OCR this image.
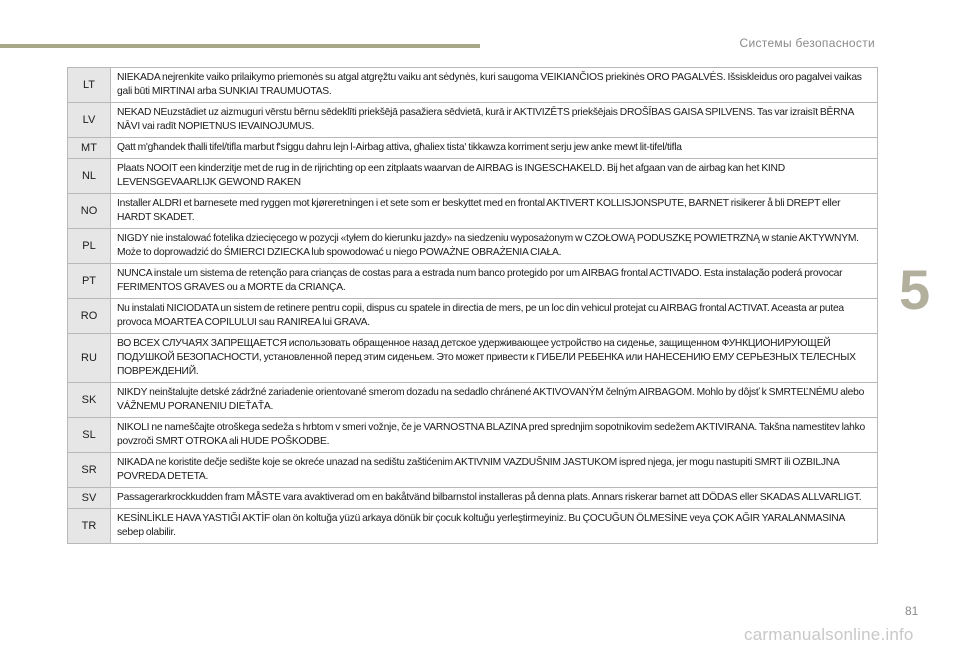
Системы безопасности
LT	NIEKADA nejrenkite vaiko prilaikymo priemonės su atgal atgręžtu vaiku ant sėdynės, kuri saugoma VEIKIANČIOS priekinės ORO PAGALVĖS. Išsiskleidus oro pagalvei vaikas gali būti MIRTINAI arba SUNKIAI TRAUMUOTAS.
LV	NEKAD NEuzstādiet uz aizmuguri vērstu bērnu sēdeklīti priekšējā pasažiera sēdvietā, kurā ir AKTIVIZĒTS priekšējais DROŠĪBAS GAISA SPILVENS. Tas var izraisīt BĒRNA NĀVI vai radīt NOPIETNUS IEVAINOJUMUS.
MT	Qatt m'għandek tħalli tifel/tifla marbut f'siggu dahru lejn l-Airbag attiva, għaliex tista' tikkawza korriment serju jew anke mewt lit-tifel/tifla
NL	Plaats NOOIT een kinderzitje met de rug in de rijrichting op een zitplaats waarvan de AIRBAG is INGESCHAKELD. Bij het afgaan van de airbag kan het KIND LEVENSGEVAARLIJK GEWOND RAKEN
NO	Installer ALDRI et barnesete med ryggen mot kjøreretningen i et sete som er beskyttet med en frontal AKTIVERT KOLLISJONSPUTE, BARNET risikerer å bli DREPT eller HARDT SKADET.
PL	NIGDY nie instalować fotelika dziecięcego w pozycji «tyłem do kierunku jazdy» na siedzeniu wyposażonym w CZOŁOWĄ PODUSZKĘ POWIETRZNĄ w stanie AKTYWNYM. Może to doprowadzić do ŚMIERCI DZIECKA lub spowodować u niego POWAŻNE OBRAŻENIA CIAŁA.
PT	NUNCA instale um sistema de retenção para crianças de costas para a estrada num banco protegido por um AIRBAG frontal ACTIVADO. Esta instalação poderá provocar FERIMENTOS GRAVES ou a MORTE da CRIANÇA.
RO	Nu instalati NICIODATA un sistem de retinere pentru copii, dispus cu spatele in directia de mers, pe un loc din vehicul protejat cu AIRBAG frontal ACTIVAT. Aceasta ar putea provoca MOARTEA COPILULUI sau RANIREA lui GRAVA.
RU	ВО ВСЕХ СЛУЧАЯХ ЗАПРЕЩАЕТСЯ использовать обращенное назад детское удерживающее устройство на сиденье, защищенном ФУНКЦИОНИРУЮЩЕЙ ПОДУШКОЙ БЕЗОПАСНОСТИ, установленной перед этим сиденьем. Это может привести к ГИБЕЛИ РЕБЕНКА или НАНЕСЕНИЮ ЕМУ СЕРЬЕЗНЫХ ТЕЛЕСНЫХ ПОВРЕЖДЕНИЙ.
SK	NIKDY neinštalujte detské zádržné zariadenie orientované smerom dozadu na sedadlo chránené AKTIVOVANÝM čelným AIRBAGOM. Mohlo by dôjsť k SMRTEĽNÉMU alebo VÁŽNEMU PORANENIU DIEŤAŤA.
SL	NIKOLI ne nameščajte otroškega sedeža s hrbtom v smeri vožnje, če je VARNOSTNA BLAZINA pred sprednjim sopotnikovim sedežem AKTIVIRANA. Takšna namestitev lahko povzroči SMRT OTROKA ali HUDE POŠKODBE.
SR	NIKADA ne koristite dečje sedište koje se okreće unazad na sedištu zaštićenim AKTIVNIM VAZDUŠNIM JASTUKOM ispred njega, jer mogu nastupiti SMRT ili OZBILJNA POVREDA DETETA.
SV	Passagerarkrockkudden fram MÅSTE vara avaktiverad om en bakåtvänd bilbarnstol installeras på denna plats. Annars riskerar barnet att DÖDAS eller SKADAS ALLVARLIGT.
TR	KESİNLİKLE HAVA YASTIĞI AKTİF olan ön koltuğa yüzü arkaya dönük bir çocuk koltuğu yerleştirmeyiniz. Bu ÇOCUĞUN ÖLMESİNE veya ÇOK AĞIR YARALANMASINA sebep olabilir.
5
81
carmanualsonline.info
